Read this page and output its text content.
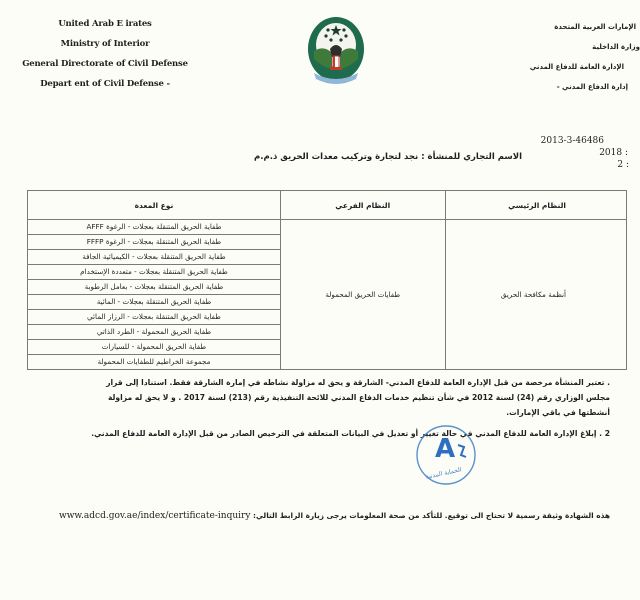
United Arab E irates
Ministry of Interior
General Directorate of Civil Defense
Depart ent of Civil Defense -
الإمارات العربية المتحدة
وزارة الداخلية
الإدارة العامة للدفاع المدني
إدارة الدفاع المدني -
2013-3-46486
2018 :
2 :
الاسم التجاري للمنشأة : نجد لتجارة وتركيب معدات الحريق ذ.م.م
النظام الرئيسي	النظام الفرعي	نوع المعدة
أنظمة مكافحة الحريق	طفايات الحريق المحمولة	طفاية الحريق المتنقلة بعجلات - الرغوة AFFF
		طفاية الحريق المتنقلة بعجلات - الرغوة FFFP
		طفاية الحريق المتنقلة بعجلات - الكيميائية الجافة
		طفاية الحريق المتنقلة بعجلات - متعددة الإستخدام
		طفاية الحريق المتنقلة بعجلات - بعامل الرطوبة
		طفاية الحريق المتنقلة بعجلات - المائية
		طفاية الحريق المتنقلة بعجلات - الرزاز المائي
		طفاية الحريق المحمولة - الطرد الذاتي
		طفاية الحريق المحمولة - للسيارات
		مجموعة الخراطيم للطفايات المحمولة
. تعتبر المنشأة مرخصة من قبل الإدارة العامة للدفاع المدني- الشارقة و يحق له مزاولة نشاطه في إمارة الشارقة فقط. استنادا إلى قرار
مجلس الوزاري رقم (24) لسنة 2012 في شأن تنظيم خدمات الدفاع المدني للائحة التنفيذية رقم (213) لسنة 2017 . و لا يحق له مزاولة
أنشطتها في باقي الإمارات.
2 . إبلاغ الإدارة العامة للدفاع المدني في حالة تغيير أو تعديل في البيانات المتعلقة في الترخيص الصادر من قبل الإدارة العامة للدفاع المدني.
A
الحماية المدنية
هذه الشهادة وثيقة رسمية لا تحتاج الى توقيع. للتأكد من صحة المعلومات يرجى زيارة الرابط التالي: www.adcd.gov.ae/index/certificate-inquiry
